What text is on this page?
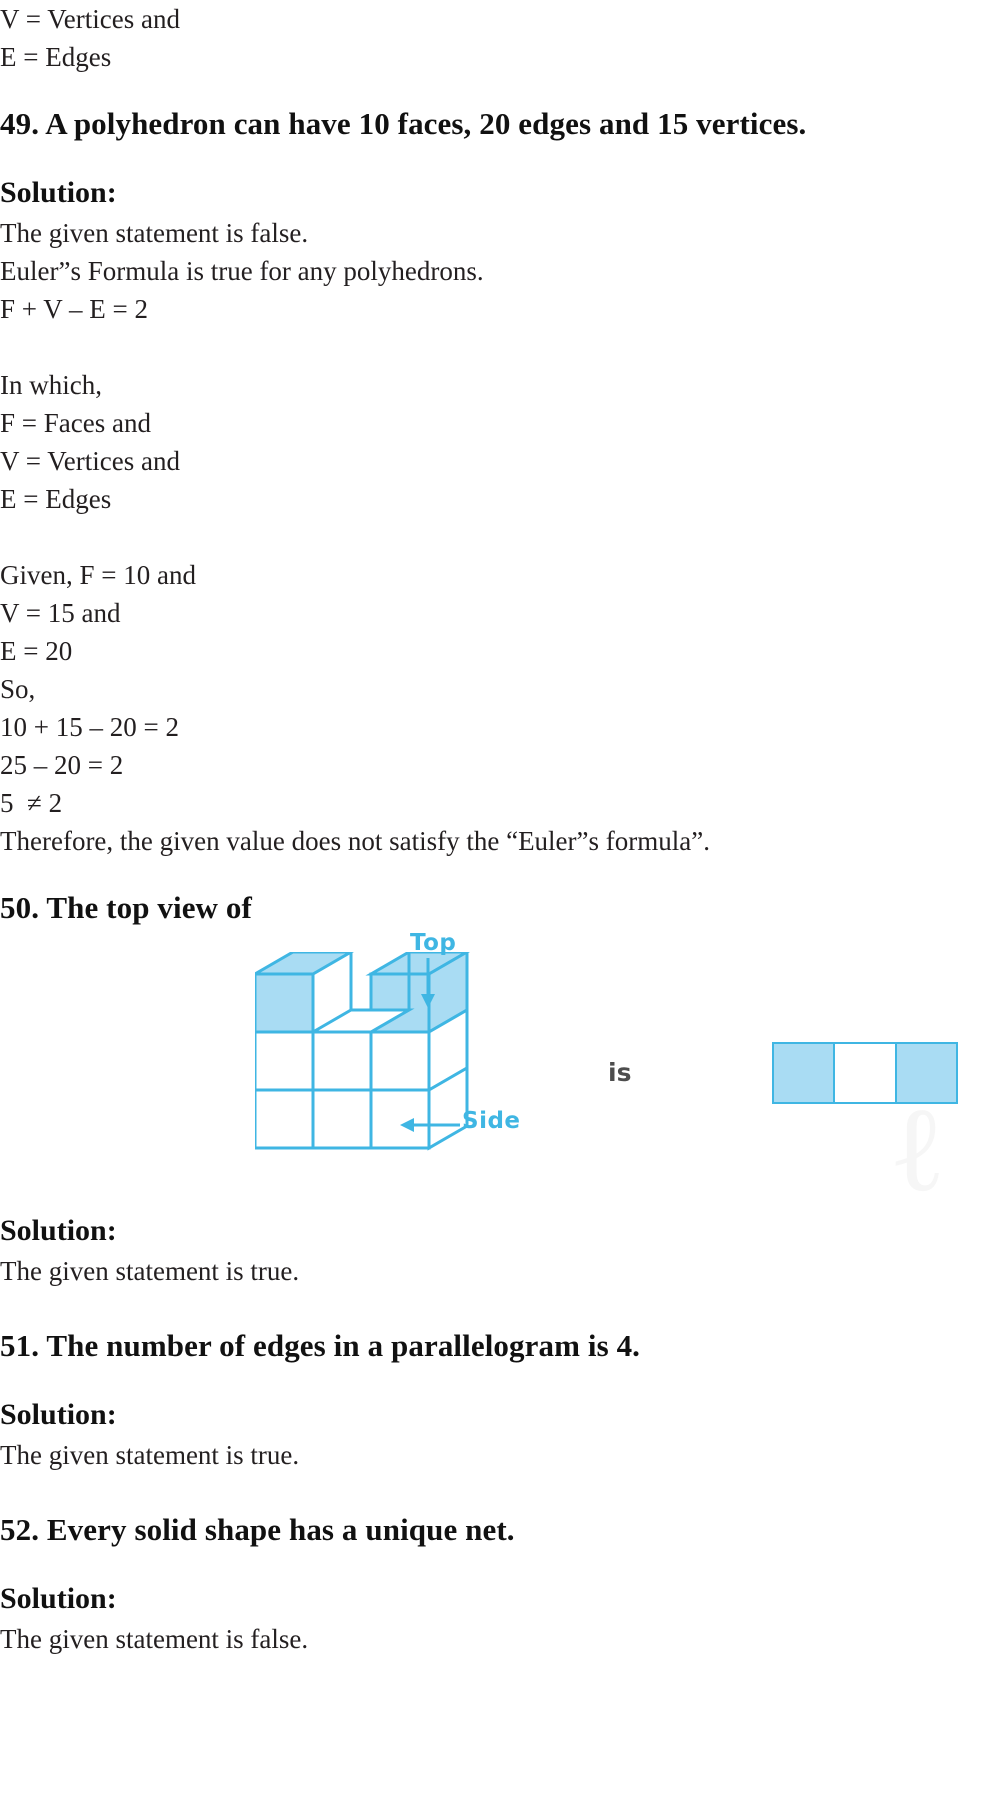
V = Vertices and
E = Edges
49. A polyhedron can have 10 faces, 20 edges and 15 vertices.
Solution:
The given statement is false.
Euler”s Formula is true for any polyhedrons.
F + V – E = 2
In which,
F = Faces and
V = Vertices and
E = Edges
Given, F = 10 and
V = 15 and
E = 20
So,
10 + 15 – 20 = 2
25 – 20 = 2
5  ≠ 2
Therefore, the given value does not satisfy the “Euler”s formula”.
50. The top view of
Top
Side
is
Solution:
The given statement is true.
51. The number of edges in a parallelogram is 4.
Solution:
The given statement is true.
52. Every solid shape has a unique net.
Solution:
The given statement is false.
ℓ
